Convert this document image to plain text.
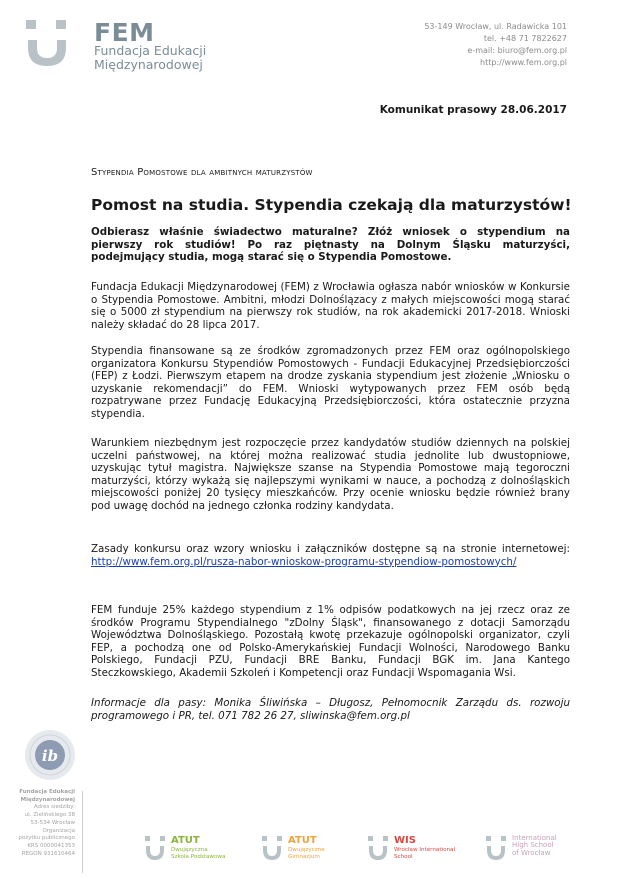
FEM
Fundacja Edukacji
Międzynarodowej
53-149 Wrocław, ul. Radawicka 101
tel. +48 71 7822627
e-mail: biuro@fem.org.pl
http://www.fem.org.pl
Komunikat prasowy 28.06.2017
Stypendia Pomostowe dla ambitnych maturzystów
Pomost na studia. Stypendia czekają dla maturzystów!
Odbierasz właśnie świadectwo maturalne? Złóż wniosek o stypendium na pierwszy rok studiów! Po raz piętnasty na Dolnym Śląsku maturzyści, podejmujący studia, mogą starać się o Stypendia Pomostowe.
Fundacja Edukacji Międzynarodowej (FEM) z Wrocławia ogłasza nabór wniosków w Konkursie o Stypendia Pomostowe. Ambitni, młodzi Dolnoślązacy z małych miejscowości mogą starać się o 5000 zł stypendium na pierwszy rok studiów, na rok akademicki 2017-2018. Wnioski należy składać do 28 lipca 2017.
Stypendia finansowane są ze środków zgromadzonych przez FEM oraz ogólnopolskiego organizatora Konkursu Stypendiów Pomostowych - Fundacji Edukacyjnej Przedsiębiorczości (FEP) z Łodzi. Pierwszym etapem na drodze zyskania stypendium jest złożenie „Wniosku o uzyskanie rekomendacji” do FEM. Wnioski wytypowanych przez FEM osób będą rozpatrywane przez Fundację Edukacyjną Przedsiębiorczości, która ostatecznie przyzna stypendia.
Warunkiem niezbędnym jest rozpoczęcie przez kandydatów studiów dziennych na polskiej uczelni państwowej, na której można realizować studia jednolite lub dwustopniowe, uzyskując tytuł magistra. Największe szanse na Stypendia Pomostowe mają tegoroczni maturzyści, którzy wykażą się najlepszymi wynikami w nauce, a pochodzą z dolnośląskich miejscowości poniżej 20 tysięcy mieszkańców. Przy ocenie wniosku będzie również brany pod uwagę dochód na jednego członka rodziny kandydata.
Zasady konkursu oraz wzory wniosku i załączników dostępne są na stronie internetowej: http://www.fem.org.pl/rusza-nabor-wnioskow-programu-stypendiow-pomostowych/
FEM funduje 25% każdego stypendium z 1% odpisów podatkowych na jej rzecz oraz ze środków Programu Stypendialnego "zDolny Śląsk", finansowanego z dotacji Samorządu Województwa Dolnośląskiego. Pozostałą kwotę przekazuje ogólnopolski organizator, czyli FEP, a pochodzą one od Polsko-Amerykańskiej Fundacji Wolności, Narodowego Banku Polskiego, Fundacji PZU, Fundacji BRE Banku, Fundacji BGK im. Jana Kantego Steczkowskiego, Akademii Szkoleń i Kompetencji oraz Fundacji Wspomagania Wsi.
Informacje dla pasy: Monika Śliwińska – Długosz, Pełnomocnik Zarządu ds. rozwoju programowego i PR, tel. 071 782 26 27, sliwinska@fem.org.pl
ib
Fundacja Edukacji
Międzynarodowej
Adres siedziby:
ul. Zielińskiego 38
53-534 Wrocław
Organizacja
pożytku publicznego
KRS 0000041353
REGON 931610464
ATUT
Dwujęzyczna
Szkoła Podstawowa
ATUT
Dwujęzyczne
Gimnazjum
WIS
Wrocław International
School
International
High School
of Wrocław
